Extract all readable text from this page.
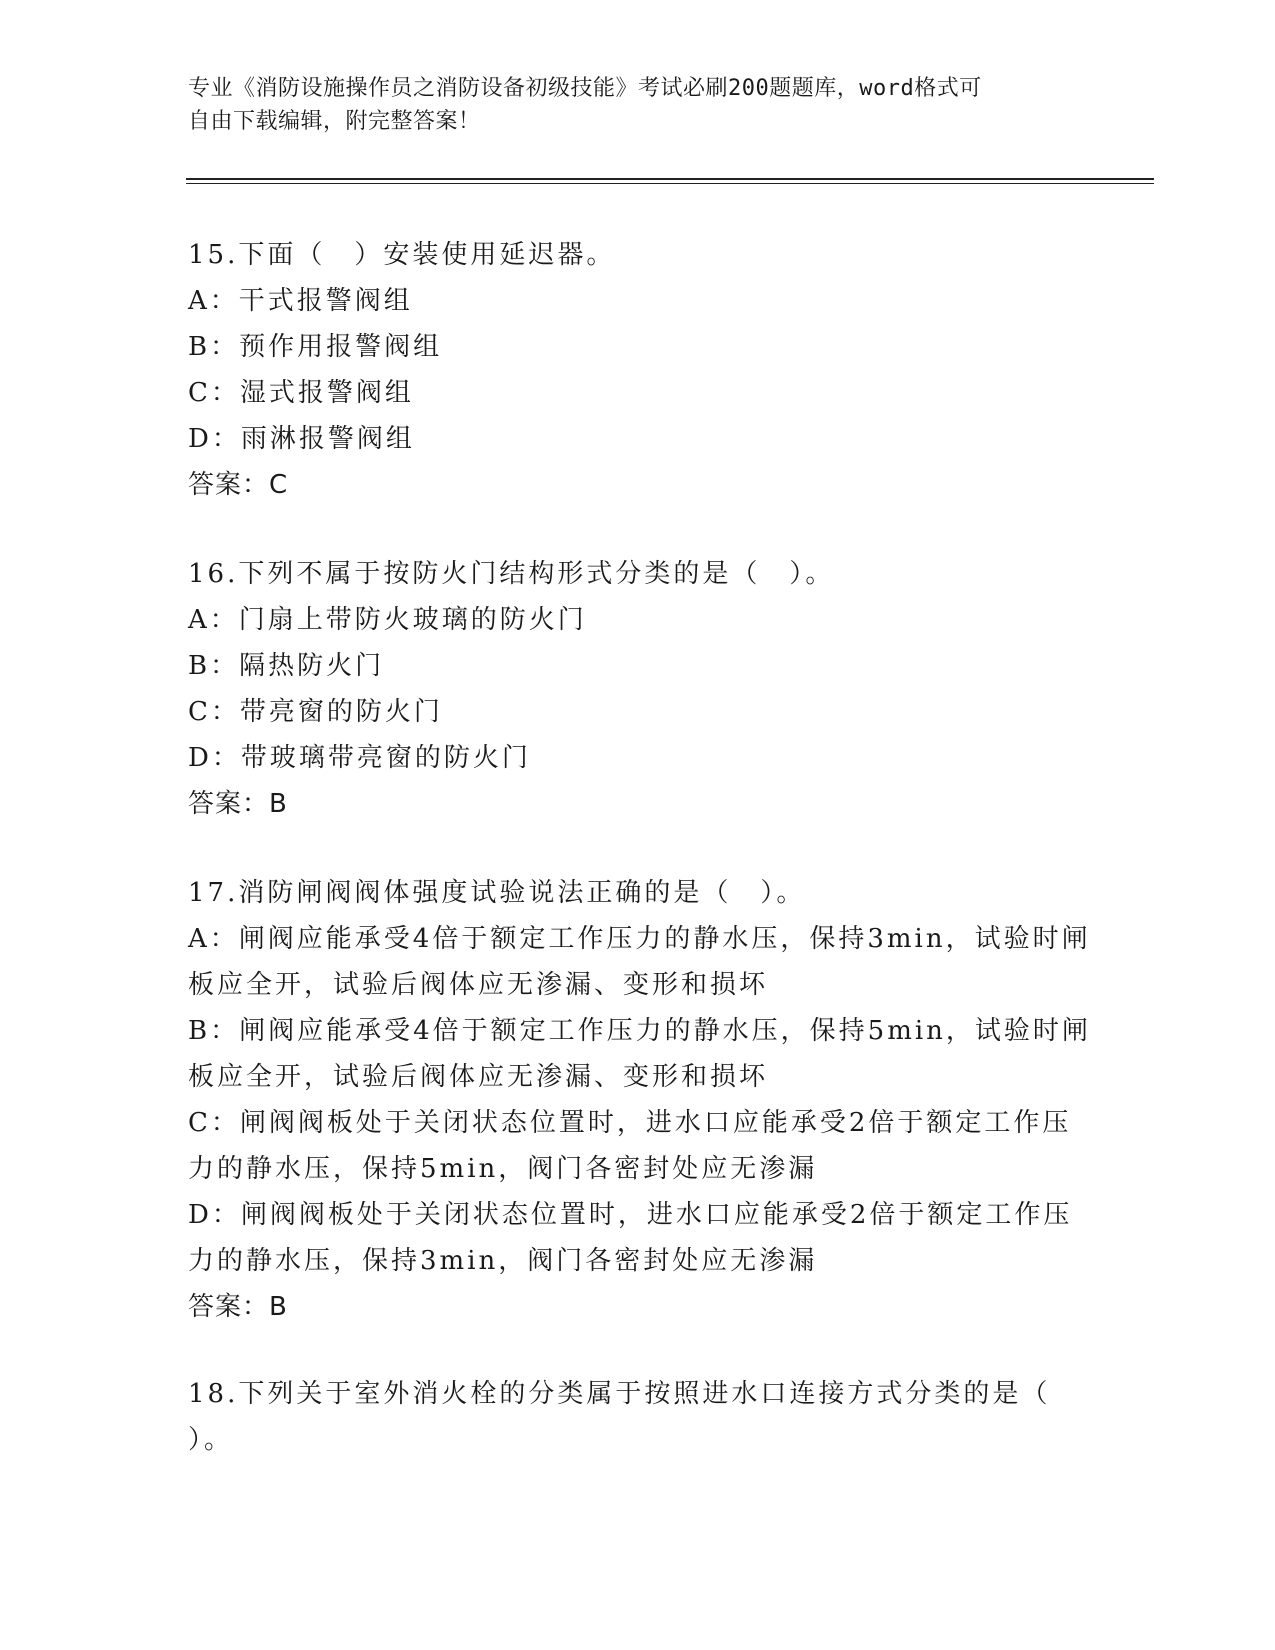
专业《消防设施操作员之消防设备初级技能》考试必刷200题题库，word格式可
自由下载编辑，附完整答案！
15.下面（　）安装使用延迟器。
A：干式报警阀组
B：预作用报警阀组
C：湿式报警阀组
D：雨淋报警阀组
答案：C
16.下列不属于按防火门结构形式分类的是（　）。
A：门扇上带防火玻璃的防火门
B：隔热防火门
C：带亮窗的防火门
D：带玻璃带亮窗的防火门
答案：B
17.消防闸阀阀体强度试验说法正确的是（　）。
A：闸阀应能承受4倍于额定工作压力的静水压，保持3min，试验时闸
板应全开，试验后阀体应无渗漏、变形和损坏
B：闸阀应能承受4倍于额定工作压力的静水压，保持5min，试验时闸
板应全开，试验后阀体应无渗漏、变形和损坏
C：闸阀阀板处于关闭状态位置时，进水口应能承受2倍于额定工作压
力的静水压，保持5min，阀门各密封处应无渗漏
D：闸阀阀板处于关闭状态位置时，进水口应能承受2倍于额定工作压
力的静水压，保持3min，阀门各密封处应无渗漏
答案：B
18.下列关于室外消火栓的分类属于按照进水口连接方式分类的是（
）。
